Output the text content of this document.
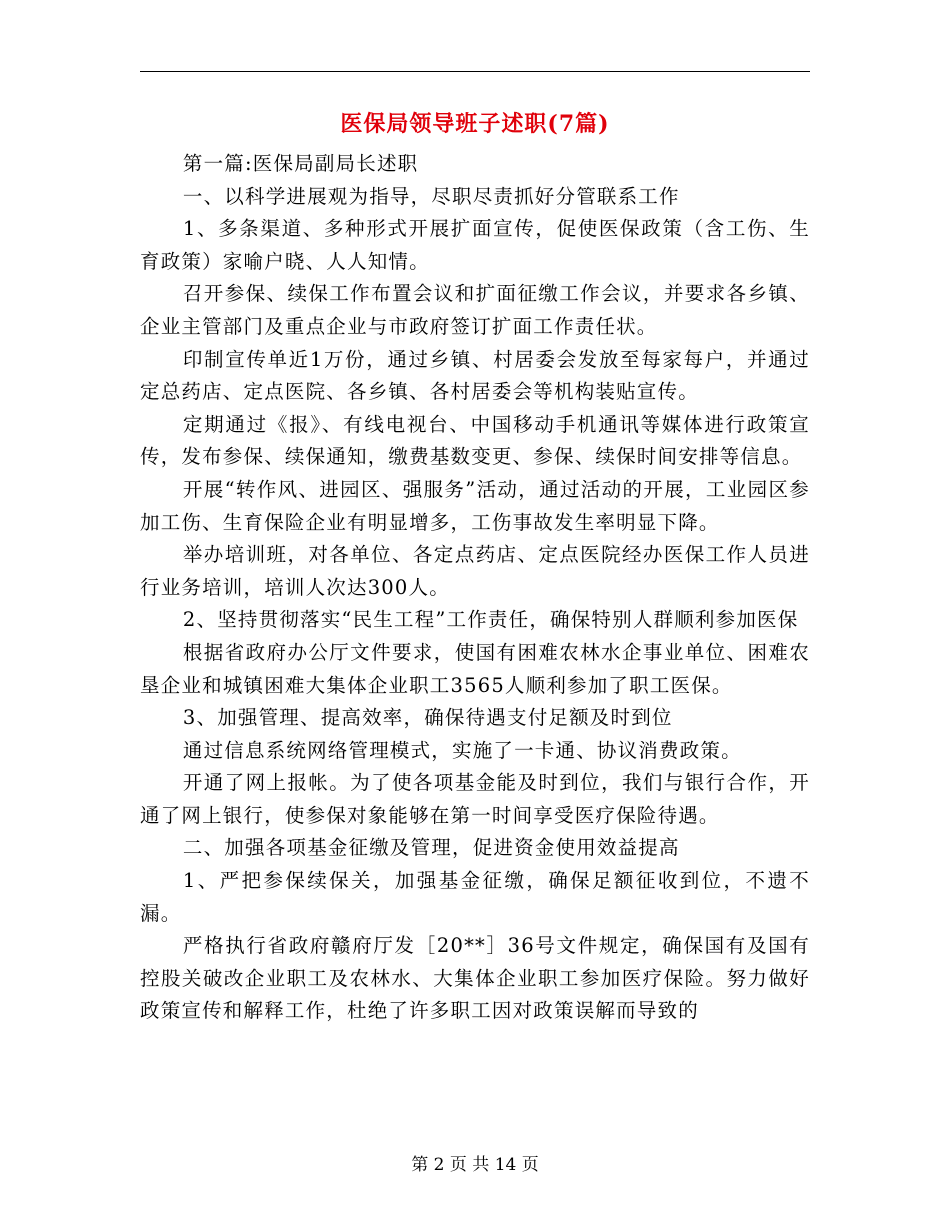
医保局领导班子述职(7篇)

第一篇:医保局副局长述职

一、以科学进展观为指导，尽职尽责抓好分管联系工作

1、多条渠道、多种形式开展扩面宣传，促使医保政策（含工伤、生育政策）家喻户晓、人人知情。

召开参保、续保工作布置会议和扩面征缴工作会议，并要求各乡镇、企业主管部门及重点企业与市政府签订扩面工作责任状。

印制宣传单近1万份，通过乡镇、村居委会发放至每家每户，并通过定总药店、定点医院、各乡镇、各村居委会等机构装贴宣传。

定期通过《报》、有线电视台、中国移动手机通讯等媒体进行政策宣传，发布参保、续保通知，缴费基数变更、参保、续保时间安排等信息。

开展“转作风、进园区、强服务”活动，通过活动的开展，工业园区参加工伤、生育保险企业有明显增多，工伤事故发生率明显下降。

举办培训班，对各单位、各定点药店、定点医院经办医保工作人员进行业务培训，培训人次达300人。

2、坚持贯彻落实“民生工程”工作责任，确保特别人群顺利参加医保

根据省政府办公厅文件要求，使国有困难农林水企事业单位、困难农垦企业和城镇困难大集体企业职工3565人顺利参加了职工医保。

3、加强管理、提高效率，确保待遇支付足额及时到位

通过信息系统网络管理模式，实施了一卡通、协议消费政策。

开通了网上报帐。为了使各项基金能及时到位，我们与银行合作，开通了网上银行，使参保对象能够在第一时间享受医疗保险待遇。

二、加强各项基金征缴及管理，促进资金使用效益提高

1、严把参保续保关，加强基金征缴，确保足额征收到位，不遗不漏。

严格执行省政府赣府厅发［20**］36号文件规定，确保国有及国有控股关破改企业职工及农林水、大集体企业职工参加医疗保险。努力做好政策宣传和解释工作，杜绝了许多职工因对政策误解而导致的

第 2 页 共 14 页
